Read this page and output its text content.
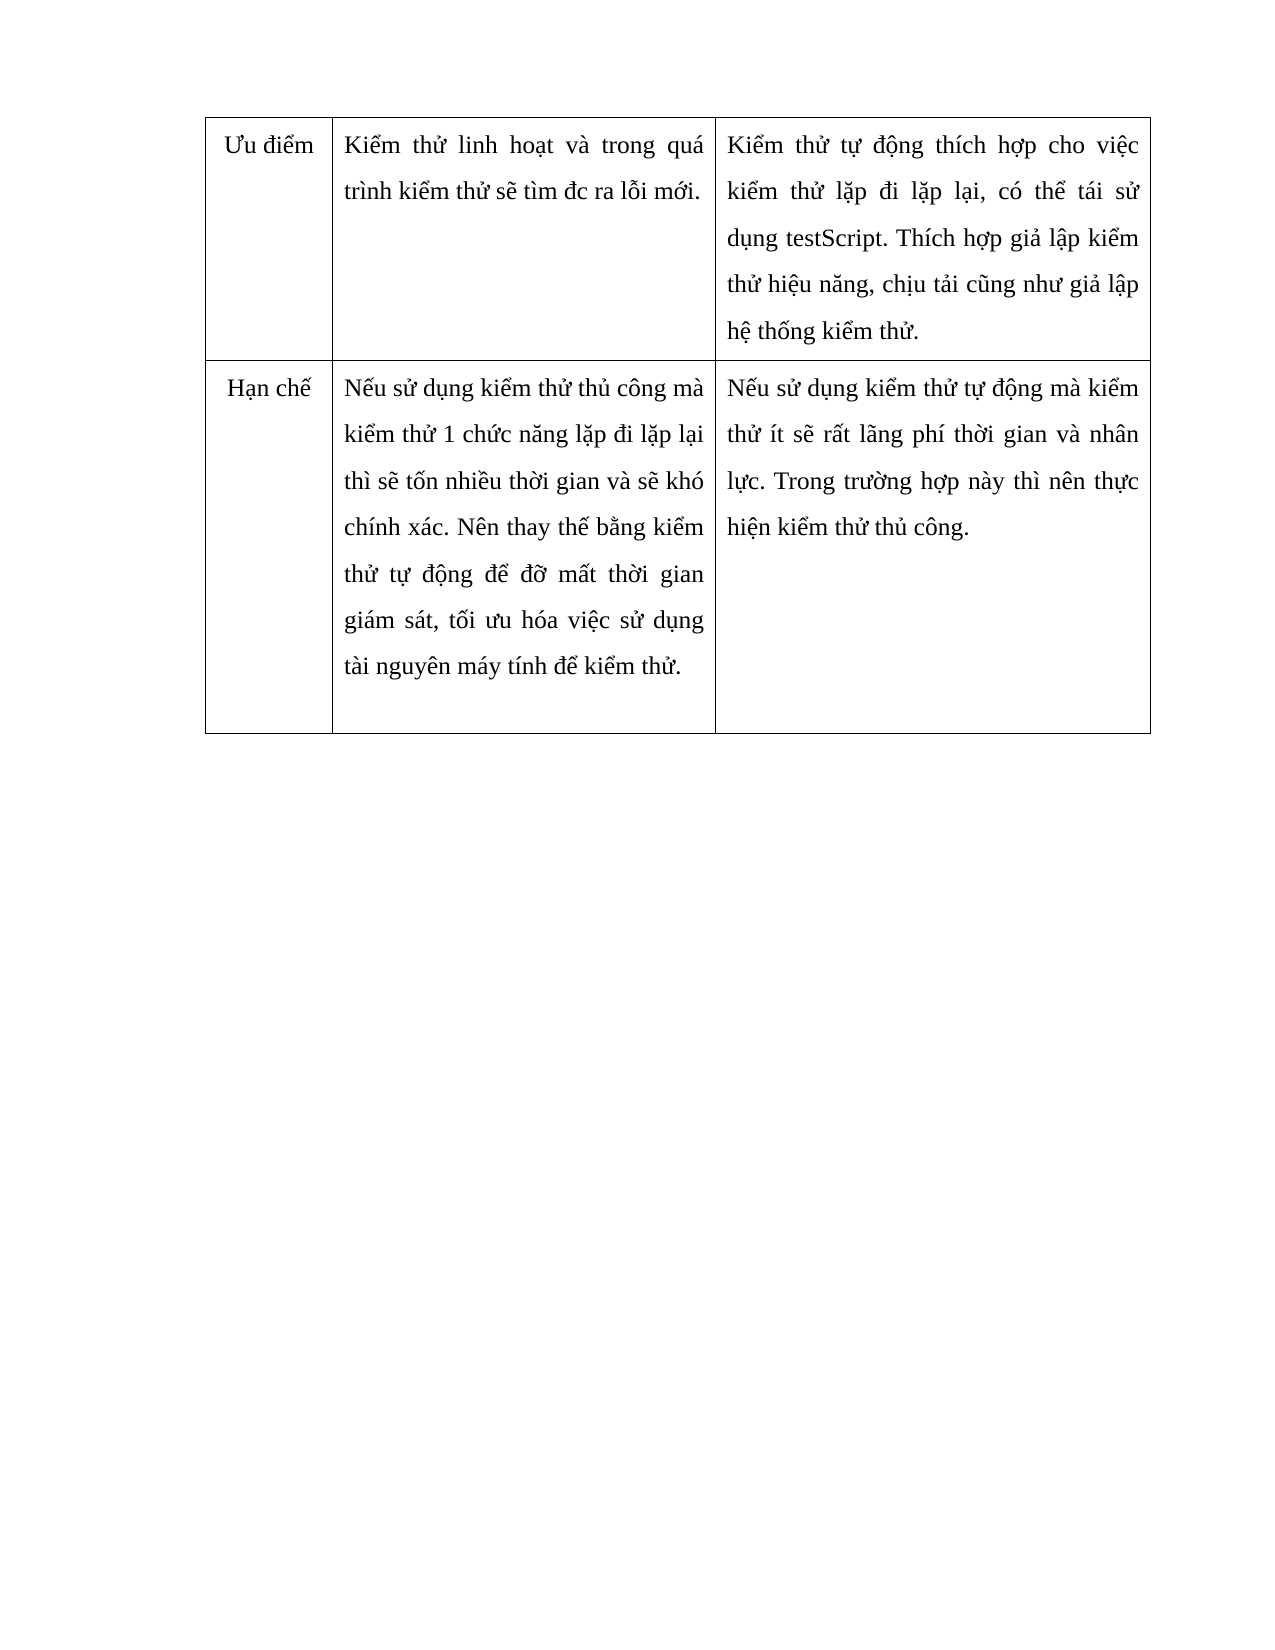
Ưu điểm	Kiểm thử linh hoạt và trong quá trình kiểm thử sẽ tìm đc ra lỗi mới.	Kiểm thử tự động thích hợp cho việc kiểm thử lặp đi lặp lại, có thể tái sử dụng testScript. Thích hợp giả lập kiểm thử hiệu năng, chịu tải cũng như giả lập hệ thống kiểm thử.
Hạn chế	Nếu sử dụng kiểm thử thủ công mà kiểm thử 1 chức năng lặp đi lặp lại thì sẽ tốn nhiều thời gian và sẽ khó chính xác. Nên thay thế bằng kiểm thử tự động để đỡ mất thời gian giám sát, tối ưu hóa việc sử dụng tài nguyên máy tính để kiểm thử.	Nếu sử dụng kiểm thử tự động mà kiểm thử ít sẽ rất lãng phí thời gian và nhân lực. Trong trường hợp này thì nên thực hiện kiểm thử thủ công.
